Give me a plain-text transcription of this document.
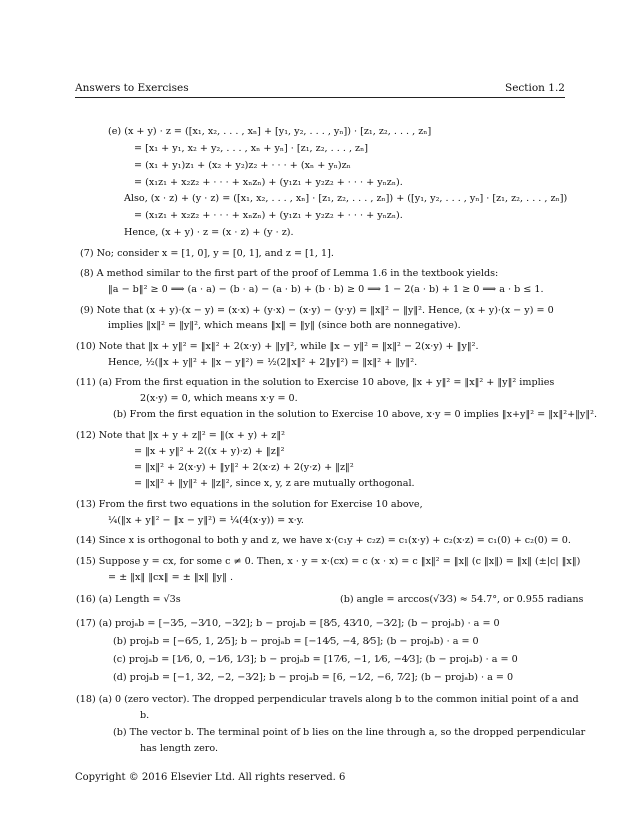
Answers to Exercises	Section 1.2
(e) (x + y) · z = ([x₁, x₂, . . . , xₙ] + [y₁, y₂, . . . , yₙ]) · [z₁, z₂, . . . , zₙ]
= [x₁ + y₁, x₂ + y₂, . . . , xₙ + yₙ] · [z₁, z₂, . . . , zₙ]
= (x₁ + y₁)z₁ + (x₂ + y₂)z₂ + · · · + (xₙ + yₙ)zₙ
= (x₁z₁ + x₂z₂ + · · · + xₙzₙ) + (y₁z₁ + y₂z₂ + · · · + yₙzₙ).
Also, (x · z) + (y · z) = ([x₁, x₂, . . . , xₙ] · [z₁, z₂, . . . , zₙ]) + ([y₁, y₂, . . . , yₙ] · [z₁, z₂, . . . , zₙ])
= (x₁z₁ + x₂z₂ + · · · + xₙzₙ) + (y₁z₁ + y₂z₂ + · · · + yₙzₙ).
Hence, (x + y) · z = (x · z) + (y · z).
(7) No; consider x = [1, 0], y = [0, 1], and z = [1, 1].
(8) A method similar to the first part of the proof of Lemma 1.6 in the textbook yields:
‖a − b‖² ≥ 0 ⟹ (a · a) − (b · a) − (a · b) + (b · b) ≥ 0 ⟹ 1 − 2(a · b) + 1 ≥ 0 ⟹ a · b ≤ 1.
(9) Note that (x + y)·(x − y) = (x·x) + (y·x) − (x·y) − (y·y) = ‖x‖² − ‖y‖². Hence, (x + y)·(x − y) = 0
implies ‖x‖² = ‖y‖², which means ‖x‖ = ‖y‖ (since both are nonnegative).
(10) Note that ‖x + y‖² = ‖x‖² + 2(x·y) + ‖y‖², while ‖x − y‖² = ‖x‖² − 2(x·y) + ‖y‖².
Hence, ½(‖x + y‖² + ‖x − y‖²) = ½(2‖x‖² + 2‖y‖²) = ‖x‖² + ‖y‖².
(11) (a) From the first equation in the solution to Exercise 10 above, ‖x + y‖² = ‖x‖² + ‖y‖² implies
2(x·y) = 0, which means x·y = 0.
(b) From the first equation in the solution to Exercise 10 above, x·y = 0 implies ‖x+y‖² = ‖x‖²+‖y‖².
(12) Note that ‖x + y + z‖² = ‖(x + y) + z‖²
= ‖x + y‖² + 2((x + y)·z) + ‖z‖²
= ‖x‖² + 2(x·y) + ‖y‖² + 2(x·z) + 2(y·z) + ‖z‖²
= ‖x‖² + ‖y‖² + ‖z‖², since x, y, z are mutually orthogonal.
(13) From the first two equations in the solution for Exercise 10 above,
¼(‖x + y‖² − ‖x − y‖²) = ¼(4(x·y)) = x·y.
(14) Since x is orthogonal to both y and z, we have x·(c₁y + c₂z) = c₁(x·y) + c₂(x·z) = c₁(0) + c₂(0) = 0.
(15) Suppose y = cx, for some c ≠ 0. Then, x · y = x·(cx) = c (x · x) = c ‖x‖² = ‖x‖ (c ‖x‖) = ‖x‖ (±|c| ‖x‖)
= ± ‖x‖ ‖cx‖ = ± ‖x‖ ‖y‖ .
(16) (a) Length = √3s	(b) angle = arccos(√3⁄3) ≈ 54.7°, or 0.955 radians
(17) (a) projₐb = [−3⁄5, −3⁄10, −3⁄2]; b − projₐb = [8⁄5, 43⁄10, −3⁄2]; (b − projₐb) · a = 0
(b) projₐb = [−6⁄5, 1, 2⁄5]; b − projₐb = [−14⁄5, −4, 8⁄5]; (b − projₐb) · a = 0
(c) projₐb = [1⁄6, 0, −1⁄6, 1⁄3]; b − projₐb = [17⁄6, −1, 1⁄6, −4⁄3]; (b − projₐb) · a = 0
(d) projₐb = [−1, 3⁄2, −2, −3⁄2]; b − projₐb = [6, −1⁄2, −6, 7⁄2]; (b − projₐb) · a = 0
(18) (a) 0 (zero vector). The dropped perpendicular travels along b to the common initial point of a and
b.
(b) The vector b. The terminal point of b lies on the line through a, so the dropped perpendicular
has length zero.
Copyright © 2016 Elsevier Ltd. All rights reserved. 6
